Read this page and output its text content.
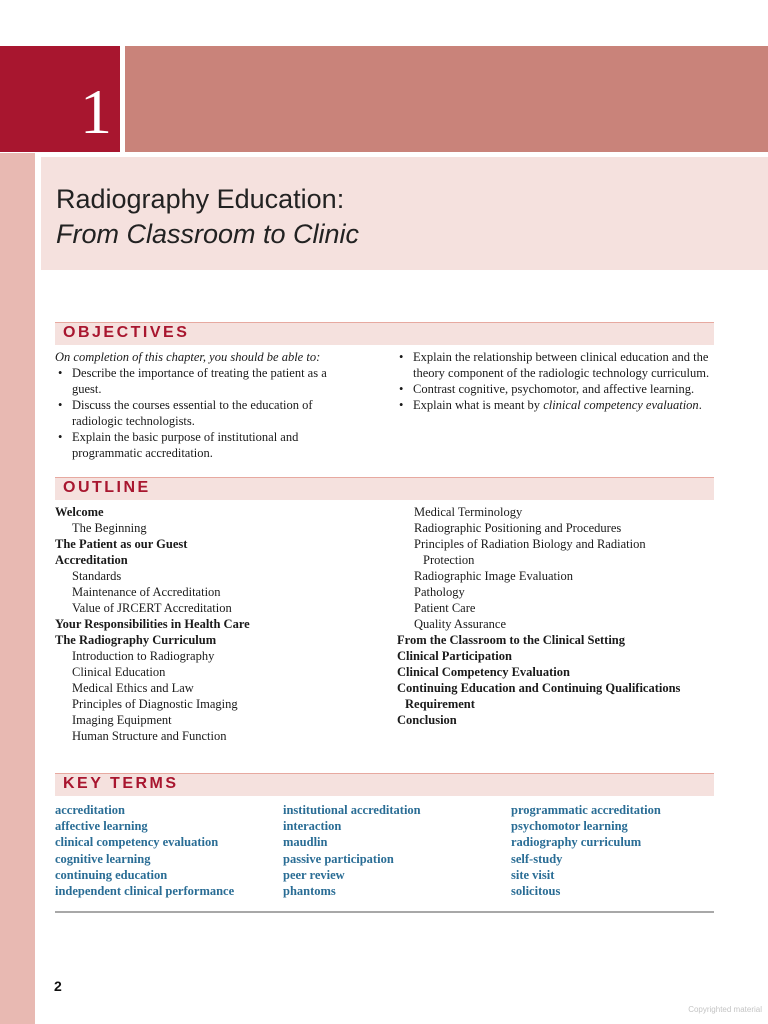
1
Radiography Education:
From Classroom to Clinic
OBJECTIVES
On completion of this chapter, you should be able to:
• Describe the importance of treating the patient as a guest.
• Discuss the courses essential to the education of radiologic technologists.
• Explain the basic purpose of institutional and programmatic accreditation.
• Explain the relationship between clinical education and the theory component of the radiologic technology curriculum.
• Contrast cognitive, psychomotor, and affective learning.
• Explain what is meant by clinical competency evaluation.
OUTLINE
Welcome
The Beginning
The Patient as our Guest
Accreditation
Standards
Maintenance of Accreditation
Value of JRCERT Accreditation
Your Responsibilities in Health Care
The Radiography Curriculum
Introduction to Radiography
Clinical Education
Medical Ethics and Law
Principles of Diagnostic Imaging
Imaging Equipment
Human Structure and Function
Medical Terminology
Radiographic Positioning and Procedures
Principles of Radiation Biology and Radiation
Protection
Radiographic Image Evaluation
Pathology
Patient Care
Quality Assurance
From the Classroom to the Clinical Setting
Clinical Participation
Clinical Competency Evaluation
Continuing Education and Continuing Qualifications
Requirement
Conclusion
KEY TERMS
accreditation
affective learning
clinical competency evaluation
cognitive learning
continuing education
independent clinical performance
institutional accreditation
interaction
maudlin
passive participation
peer review
phantoms
programmatic accreditation
psychomotor learning
radiography curriculum
self-study
site visit
solicitous
2
Copyrighted material
